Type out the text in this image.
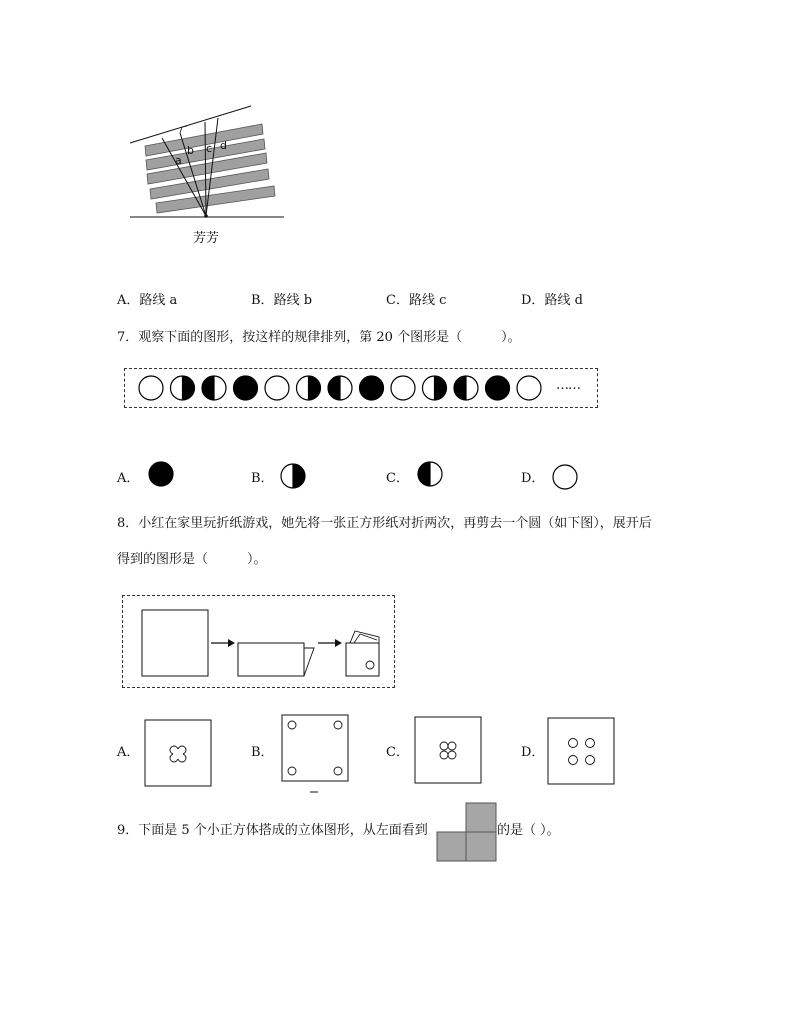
a
b c d
芳芳
A．路线 a	B．路线 b	C．路线 c	D．路线 d
7．观察下面的图形，按这样的规律排列，第 20 个图形是（　　　）。
……
A．	B．	C．	D．
8．小红在家里玩折纸游戏，她先将一张正方形纸对折两次，再剪去一个圆（如下图），展开后
得到的图形是（　　　）。
A．	B．	C．	D．
9．下面是 5 个小正方体搭成的立体图形，从左面看到	的是（ ）。
